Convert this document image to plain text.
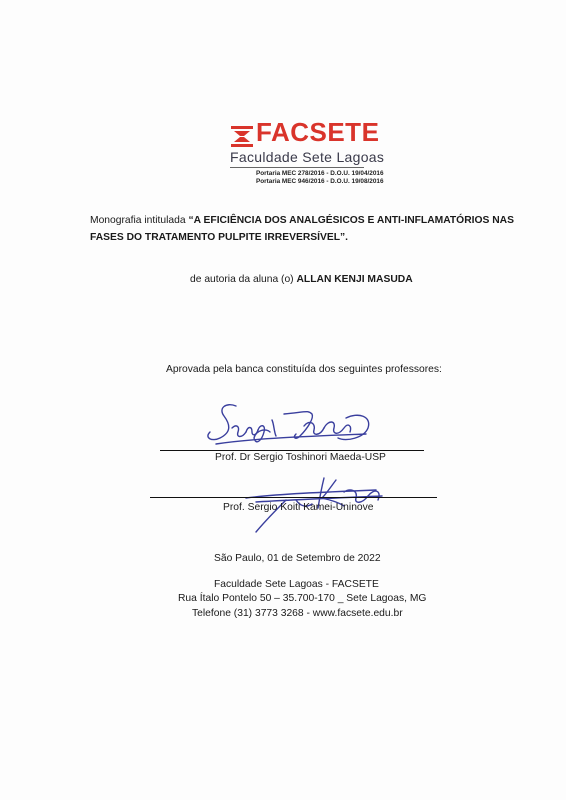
FACSETE
Faculdade Sete Lagoas
Portaria MEC 278/2016 - D.O.U. 19/04/2016
Portaria MEC 946/2016 - D.O.U. 19/08/2016
Monografia intitulada “A EFICIÊNCIA DOS ANALGÉSICOS E ANTI-INFLAMATÓRIOS NAS
FASES DO TRATAMENTO PULPITE IRREVERSÍVEL”.
de autoria da aluna (o) ALLAN KENJI MASUDA
Aprovada pela banca constituída dos seguintes professores:
Prof. Dr Sergio Toshinori Maeda-USP
Prof. Sergio Koiti Kamei-Uninove
São Paulo, 01 de Setembro de 2022
Faculdade Sete Lagoas - FACSETE
Rua Ítalo Pontelo 50 – 35.700-170 _ Sete Lagoas, MG
Telefone (31) 3773 3268 - www.facsete.edu.br
